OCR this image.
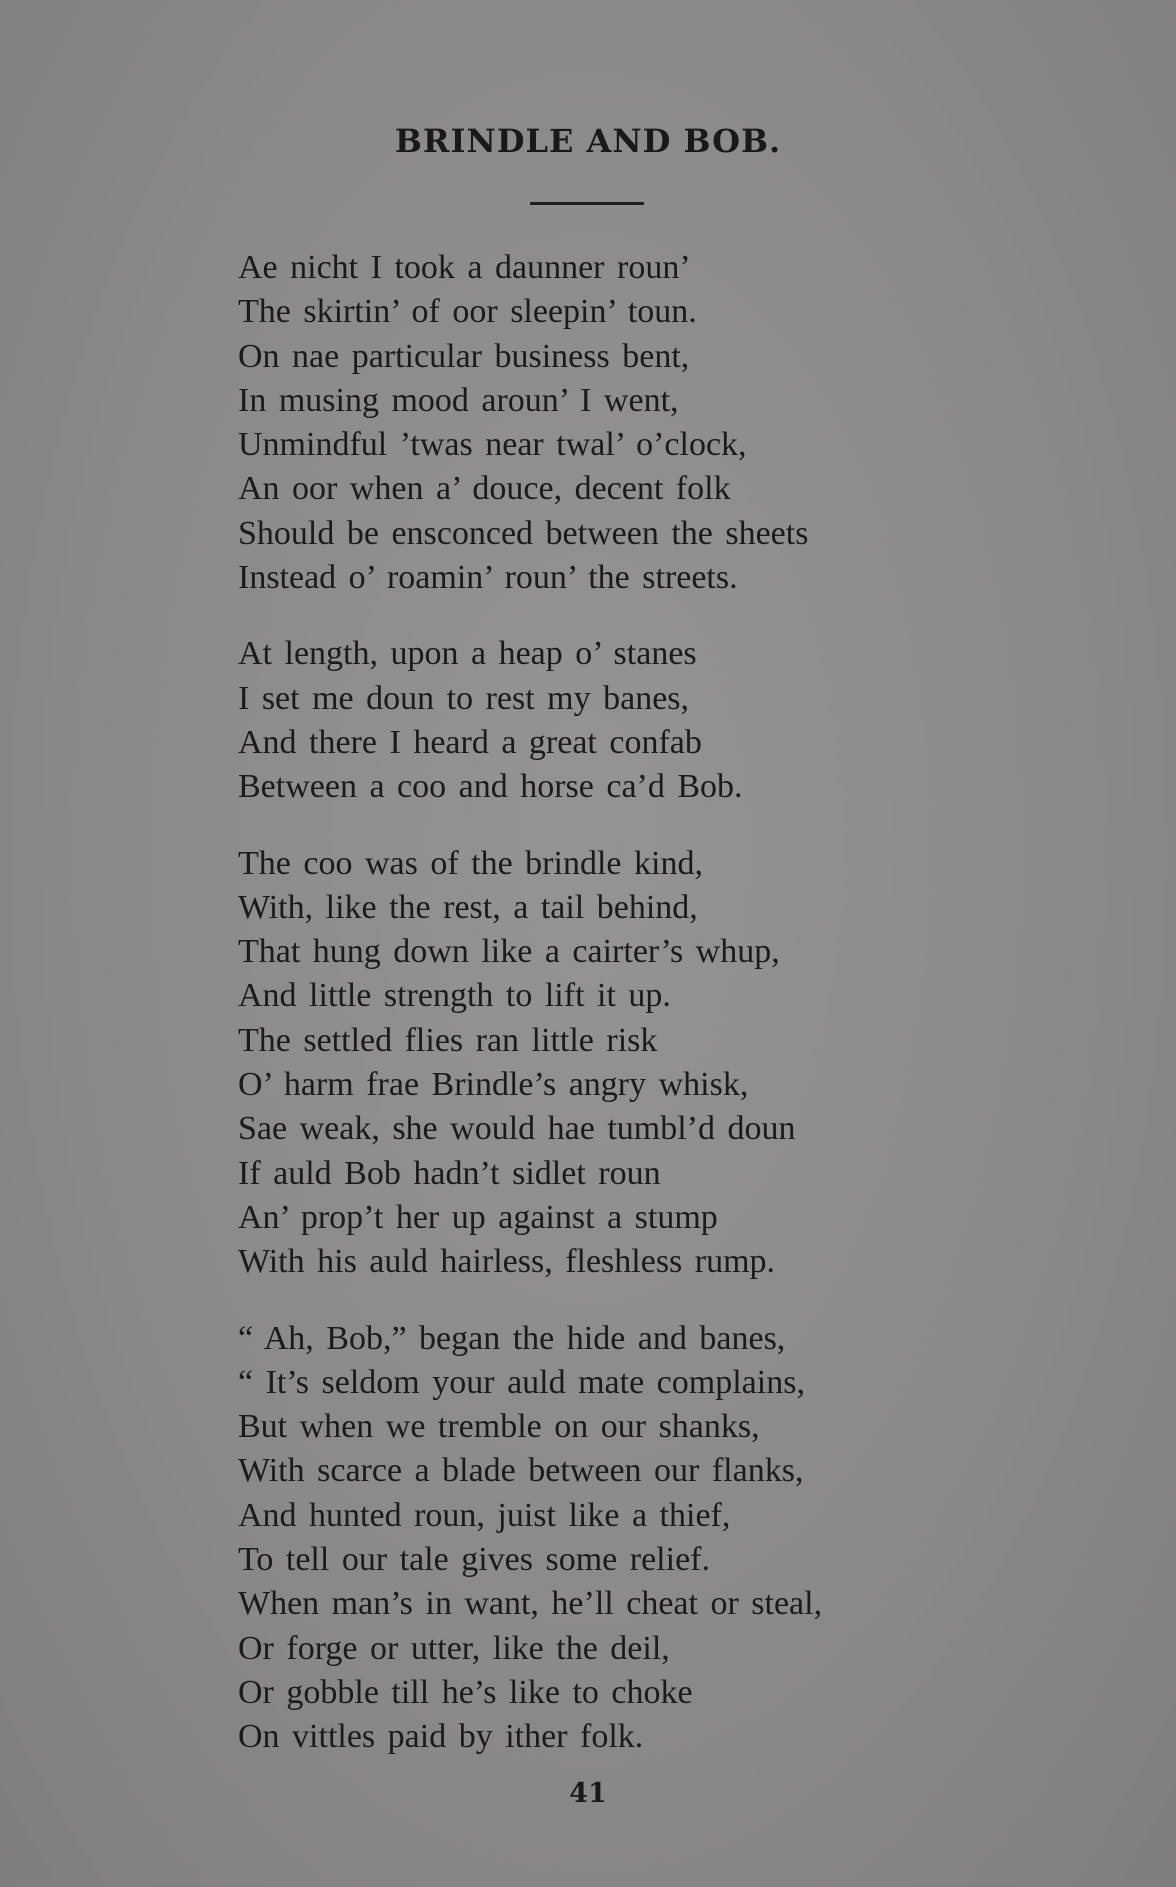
BRINDLE AND BOB.
Ae nicht I took a daunner roun’
The skirtin’ of oor sleepin’ toun.
On nae particular business bent,
In musing mood aroun’ I went,
Unmindful ’twas near twal’ o’clock,
An oor when a’ douce, decent folk
Should be ensconced between the sheets
Instead o’ roamin’ roun’ the streets.
At length, upon a heap o’ stanes
I set me doun to rest my banes,
And there I heard a great confab
Between a coo and horse ca’d Bob.
The coo was of the brindle kind,
With, like the rest, a tail behind,
That hung down like a cairter’s whup,
And little strength to lift it up.
The settled flies ran little risk
O’ harm frae Brindle’s angry whisk,
Sae weak, she would hae tumbl’d doun
If auld Bob hadn’t sidlet roun
An’ prop’t her up against a stump
With his auld hairless, fleshless rump.
“ Ah, Bob,” began the hide and banes,
“ It’s seldom your auld mate complains,
But when we tremble on our shanks,
With scarce a blade between our flanks,
And hunted roun, juist like a thief,
To tell our tale gives some relief.
When man’s in want, he’ll cheat or steal,
Or forge or utter, like the deil,
Or gobble till he’s like to choke
On vittles paid by ither folk.
41
